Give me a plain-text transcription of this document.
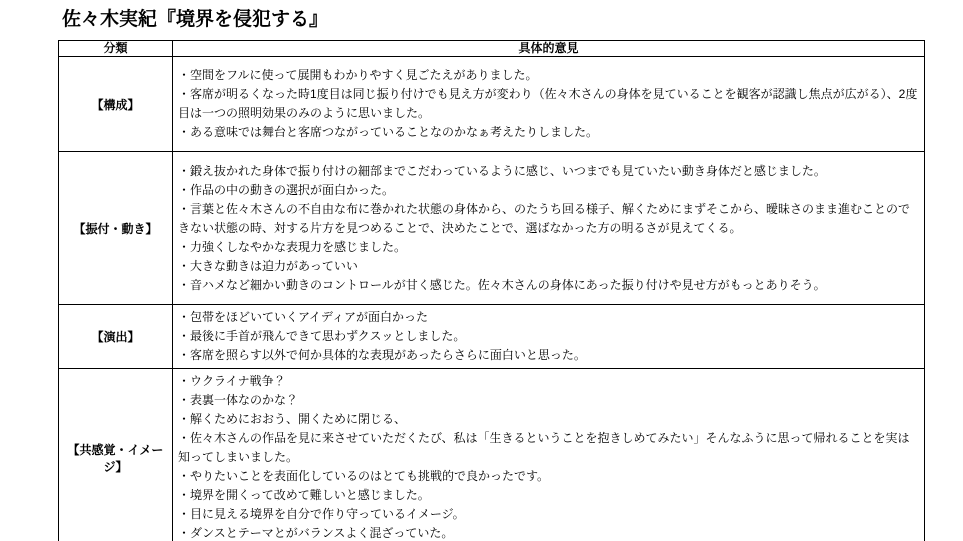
佐々木実紀『境界を侵犯する』
分類	具体的意見
【構成】	・空間をフルに使って展開もわかりやすく見ごたえがありました。
・客席が明るくなった時1度目は同じ振り付けでも見え方が変わり（佐々木さんの身体を見ていることを観客が認識し焦点が広がる）、2度目は一つの照明効果のみのように思いました。
・ある意味では舞台と客席つながっていることなのかなぁ考えたりしました。

【振付・動き】	
・鍛え抜かれた身体で振り付けの細部までこだわっているように感じ、いつまでも見ていたい動き身体だと感じました。
・作品の中の動きの選択が面白かった。
・言葉と佐々木さんの不自由な布に巻かれた状態の身体から、のたうち回る様子、解くためにまずそこから、曖昧さのまま進むことのできない状態の時、対する片方を見つめることで、決めたことで、選ばなかった方の明るさが見えてくる。
・力強くしなやかな表現力を感じました。
・大きな動きは迫力があっていい
・音ハメなど細かい動きのコントロールが甘く感じた。佐々木さんの身体にあった振り付けや見せ方がもっとありそう。

【演出】	・包帯をほどいていくアイディアが面白かった
・最後に手首が飛んできて思わずクスッとしました。
・客席を照らす以外で何か具体的な表現があったらさらに面白いと思った。

【共感覚・イメージ】	
・ウクライナ戦争？
・表裏一体なのかな？
・解くためにおおう、開くために閉じる、
・佐々木さんの作品を見に来させていただくたび、私は「生きるということを抱きしめてみたい」そんなふうに思って帰れることを実は知ってしまいました。
・やりたいことを表面化しているのはとても挑戦的で良かったです。
・境界を開くって改めて難しいと感じました。
・目に見える境界を自分で作り守っているイメージ。
・ダンスとテーマとがバランスよく混ざっていた。
